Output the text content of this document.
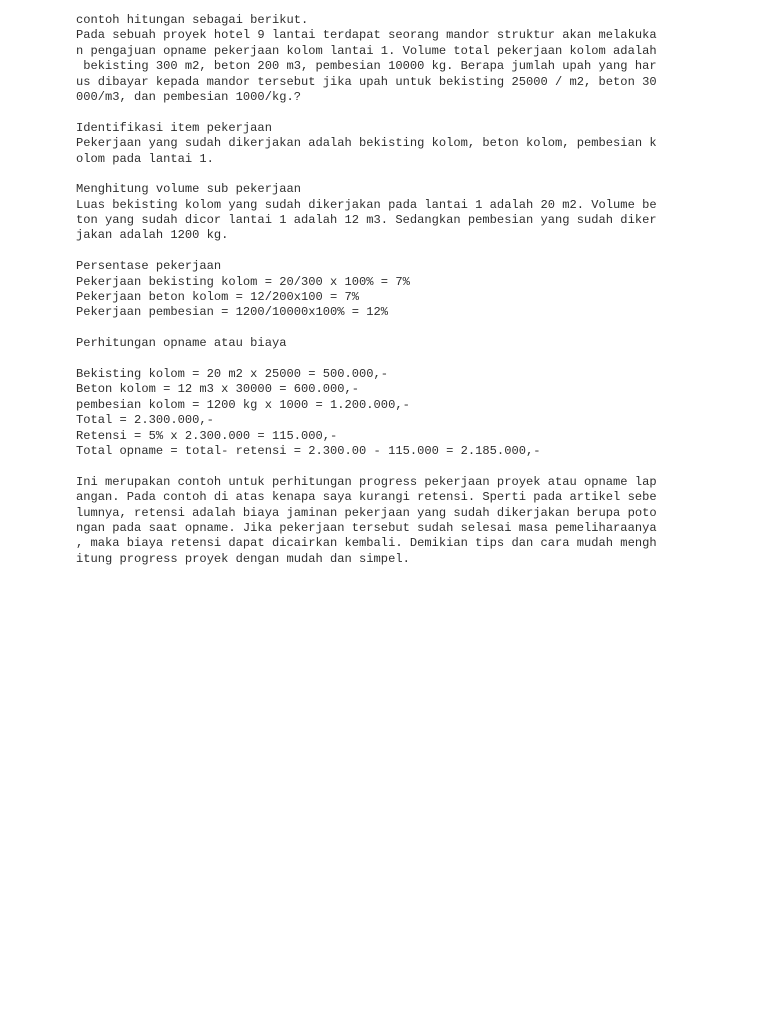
contoh hitungan sebagai berikut.
Pada sebuah proyek hotel 9 lantai terdapat seorang mandor struktur akan melakuka
n pengajuan opname pekerjaan kolom lantai 1. Volume total pekerjaan kolom adalah
bekisting 300 m2, beton 200 m3, pembesian 10000 kg. Berapa jumlah upah yang har
us dibayar kepada mandor tersebut jika upah untuk bekisting 25000 / m2, beton 30
000/m3, dan pembesian 1000/kg.?
Identifikasi item pekerjaan
Pekerjaan yang sudah dikerjakan adalah bekisting kolom, beton kolom, pembesian k
olom pada lantai 1.
Menghitung volume sub pekerjaan
Luas bekisting kolom yang sudah dikerjakan pada lantai 1 adalah 20 m2. Volume be
ton yang sudah dicor lantai 1 adalah 12 m3. Sedangkan pembesian yang sudah diker
jakan adalah 1200 kg.
Persentase pekerjaan
Pekerjaan bekisting kolom = 20/300 x 100% = 7%
Pekerjaan beton kolom = 12/200x100 = 7%
Pekerjaan pembesian = 1200/10000x100% = 12%
Perhitungan opname atau biaya
Bekisting kolom = 20 m2 x 25000 = 500.000,-
Beton kolom = 12 m3 x 30000 = 600.000,-
pembesian kolom = 1200 kg x 1000 = 1.200.000,-
Total = 2.300.000,-
Retensi = 5% x 2.300.000 = 115.000,-
Total opname = total- retensi = 2.300.00 - 115.000 = 2.185.000,-
Ini merupakan contoh untuk perhitungan progress pekerjaan proyek atau opname lap
angan. Pada contoh di atas kenapa saya kurangi retensi. Sperti pada artikel sebe
lumnya, retensi adalah biaya jaminan pekerjaan yang sudah dikerjakan berupa poto
ngan pada saat opname. Jika pekerjaan tersebut sudah selesai masa pemeliharaanya
, maka biaya retensi dapat dicairkan kembali. Demikian tips dan cara mudah mengh
itung progress proyek dengan mudah dan simpel.
